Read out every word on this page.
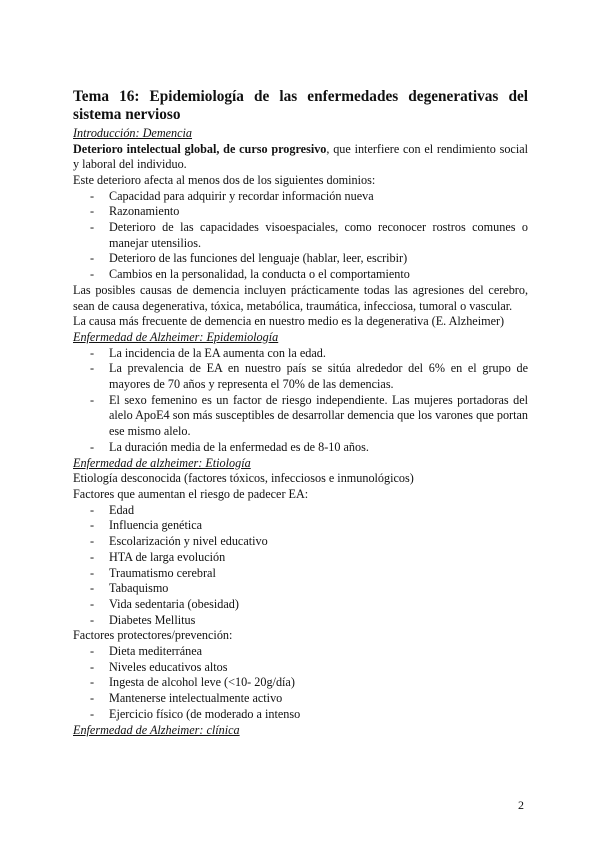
Tema 16: Epidemiología de las enfermedades degenerativas del sistema nervioso
Introducción: Demencia

Deterioro intelectual global, de curso progresivo, que interfiere con el rendimiento social y laboral del individuo.

Este deterioro afecta al menos dos de los siguientes dominios:

- Capacidad para adquirir y recordar información nueva
- Razonamiento
- Deterioro de las capacidades visoespaciales, como reconocer rostros comunes o manejar utensilios.
- Deterioro de las funciones del lenguaje (hablar, leer, escribir)
- Cambios en la personalidad, la conducta o el comportamiento

Las posibles causas de demencia incluyen prácticamente todas las agresiones del cerebro, sean de causa degenerativa, tóxica, metabólica, traumática, infecciosa, tumoral o vascular.

La causa más frecuente de demencia en nuestro medio es la degenerativa (E. Alzheimer)

Enfermedad de Alzheimer: Epidemiología
- La incidencia de la EA aumenta con la edad.
- La prevalencia de EA en nuestro país se sitúa alrededor del 6% en el grupo de mayores de 70 años y representa el 70% de las demencias.
- El sexo femenino es un factor de riesgo independiente. Las mujeres portadoras del alelo ApoE4 son más susceptibles de desarrollar demencia que los varones que portan ese mismo alelo.
- La duración media de la enfermedad es de 8-10 años.
Enfermedad de alzheimer: Etiología

Etiología desconocida (factores tóxicos, infecciosos e inmunológicos)

Factores que aumentan el riesgo de padecer EA:

- Edad
- Influencia genética
- Escolarización y nivel educativo
- HTA de larga evolución
- Traumatismo cerebral
- Tabaquismo
- Vida sedentaria (obesidad)
- Diabetes Mellitus

Factores protectores/prevención:

- Dieta mediterránea
- Niveles educativos altos
- Ingesta de alcohol leve (<10- 20g/día)
- Mantenerse intelectualmente activo
- Ejercicio físico (de moderado a intenso
Enfermedad de Alzheimer: clínica
2
